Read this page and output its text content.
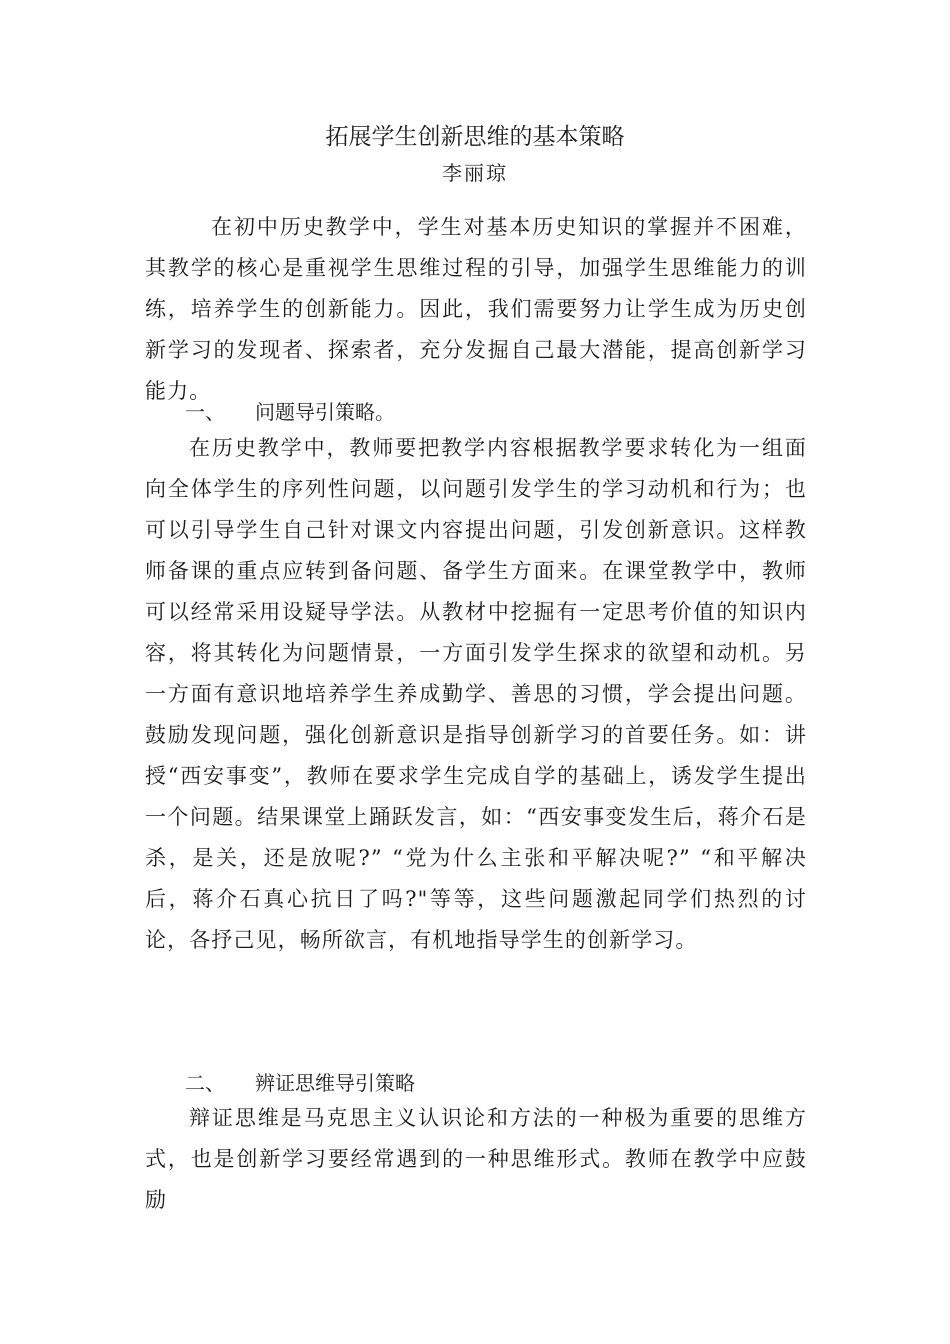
拓展学生创新思维的基本策略
李丽琼

在初中历史教学中，学生对基本历史知识的掌握并不困难，其教学的核心是重视学生思维过程的引导，加强学生思维能力的训练，培养学生的创新能力。因此，我们需要努力让学生成为历史创新学习的发现者、探索者，充分发掘自己最大潜能，提高创新学习能力。

一、 问题导引策略。

在历史教学中，教师要把教学内容根据教学要求转化为一组面向全体学生的序列性问题，以问题引发学生的学习动机和行为；也可以引导学生自己针对课文内容提出问题，引发创新意识。这样教师备课的重点应转到备问题、备学生方面来。在课堂教学中，教师可以经常采用设疑导学法。从教材中挖掘有一定思考价值的知识内容，将其转化为问题情景，一方面引发学生探求的欲望和动机。另一方面有意识地培养学生养成勤学、善思的习惯，学会提出问题。鼓励发现问题，强化创新意识是指导创新学习的首要任务。如：讲授“西安事变”，教师在要求学生完成自学的基础上，诱发学生提出一个问题。结果课堂上踊跃发言，如：“西安事变发生后，蒋介石是杀，是关，还是放呢?” “党为什么主张和平解决呢?” “和平解决后，蒋介石真心抗日了吗?"等等，这些问题激起同学们热烈的讨论，各抒己见，畅所欲言，有机地指导学生的创新学习。

二、 辨证思维导引策略

辩证思维是马克思主义认识论和方法的一种极为重要的思维方式，也是创新学习要经常遇到的一种思维形式。教师在教学中应鼓励
